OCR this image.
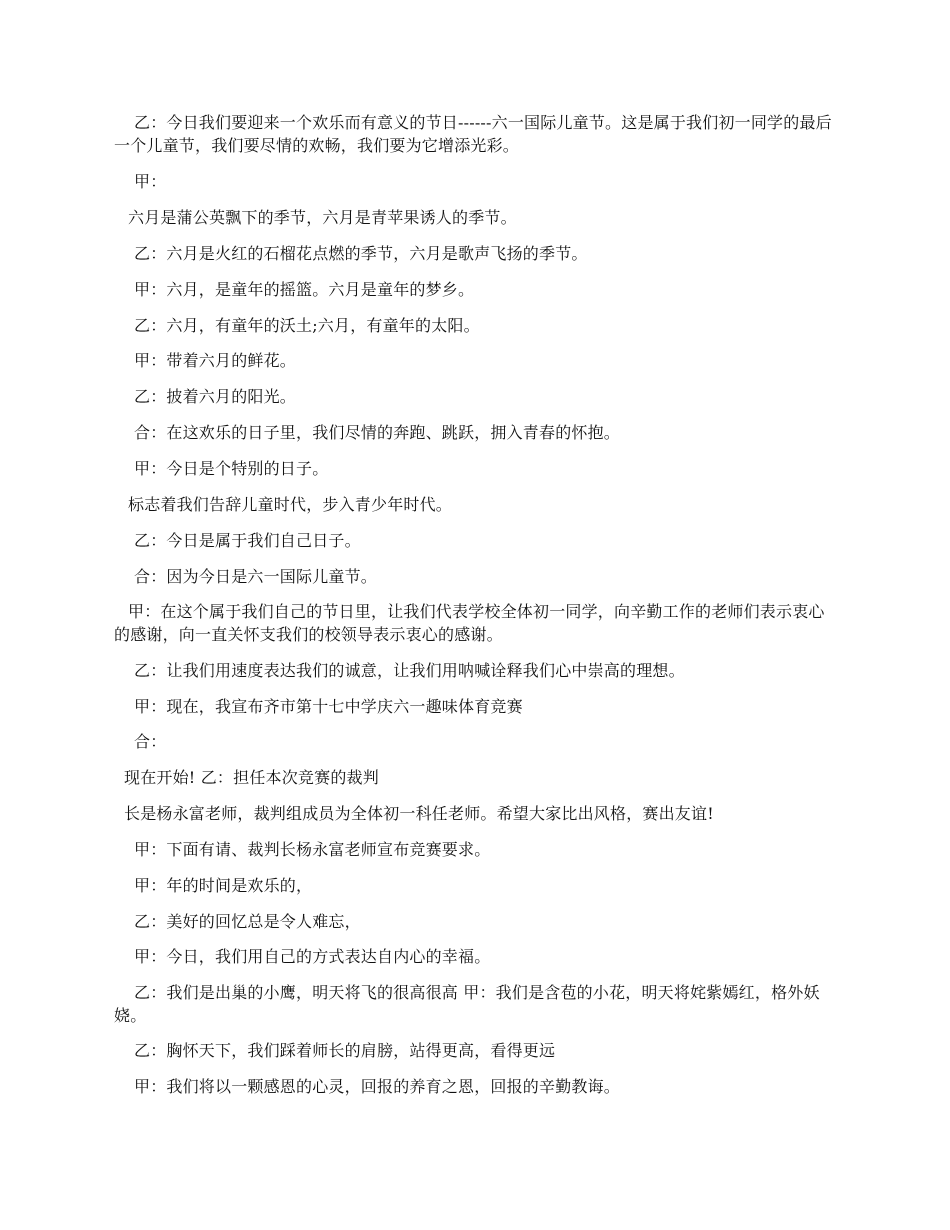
乙：今日我们要迎来一个欢乐而有意义的节日------六一国际儿童节。这是属于我们初一同学的最后一个儿童节，我们要尽情的欢畅，我们要为它增添光彩。

甲：

六月是蒲公英飘下的季节，六月是青苹果诱人的季节。

乙：六月是火红的石榴花点燃的季节，六月是歌声飞扬的季节。

甲：六月，是童年的摇篮。六月是童年的梦乡。

乙：六月，有童年的沃土;六月，有童年的太阳。

甲：带着六月的鲜花。

乙：披着六月的阳光。

合：在这欢乐的日子里，我们尽情的奔跑、跳跃，拥入青春的怀抱。

甲：今日是个特别的日子。

标志着我们告辞儿童时代，步入青少年时代。

乙：今日是属于我们自己日子。

合：因为今日是六一国际儿童节。

甲：在这个属于我们自己的节日里，让我们代表学校全体初一同学，向辛勤工作的老师们表示衷心的感谢，向一直关怀支我们的校领导表示衷心的感谢。

乙：让我们用速度表达我们的诚意，让我们用呐喊诠释我们心中崇高的理想。

甲：现在，我宣布齐市第十七中学庆六一趣味体育竞赛

合：

现在开始! 乙：担任本次竞赛的裁判

长是杨永富老师，裁判组成员为全体初一科任老师。希望大家比出风格，赛出友谊!

甲：下面有请、裁判长杨永富老师宣布竞赛要求。

甲：年的时间是欢乐的，

乙：美好的回忆总是令人难忘，

甲：今日，我们用自己的方式表达自内心的幸福。

乙：我们是出巢的小鹰，明天将飞的很高很高 甲：我们是含苞的小花，明天将姹紫嫣红，格外妖娆。

乙：胸怀天下，我们踩着师长的肩膀，站得更高，看得更远

甲：我们将以一颗感恩的心灵，回报的养育之恩，回报的辛勤教诲。
